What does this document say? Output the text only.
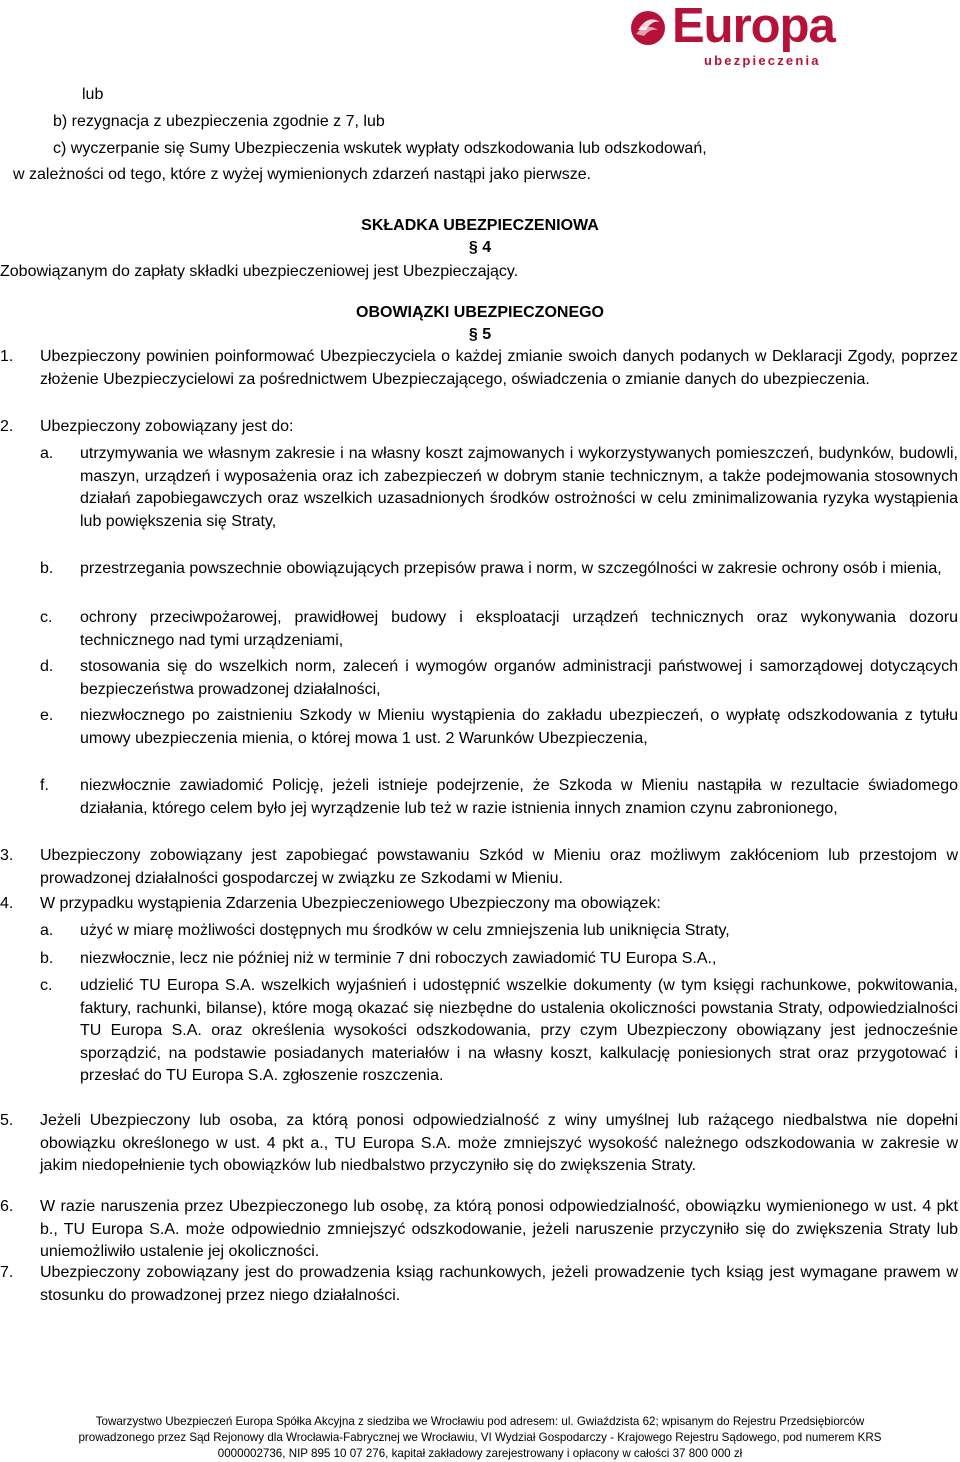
Europa
ubezpieczenia
lub
b) rezygnacja z ubezpieczenia zgodnie z 7, lub
c) wyczerpanie się Sumy Ubezpieczenia wskutek wypłaty odszkodowania lub odszkodowań,
w zależności od tego, które z wyżej wymienionych zdarzeń nastąpi jako pierwsze.
SKŁADKA UBEZPIECZENIOWA
§ 4
Zobowiązanym do zapłaty składki ubezpieczeniowej jest Ubezpieczający.
OBOWIĄZKI UBEZPIECZONEGO
§ 5
1. Ubezpieczony powinien poinformować Ubezpieczyciela o każdej zmianie swoich danych podanych w Deklaracji Zgody, poprzez złożenie Ubezpieczycielowi za pośrednictwem Ubezpieczającego, oświadczenia o zmianie danych do ubezpieczenia.
2. Ubezpieczony zobowiązany jest do:
a. utrzymywania we własnym zakresie i na własny koszt zajmowanych i wykorzystywanych pomieszczeń, budynków, budowli, maszyn, urządzeń i wyposażenia oraz ich zabezpieczeń w dobrym stanie technicznym, a także podejmowania stosownych działań zapobiegawczych oraz wszelkich uzasadnionych środków ostrożności w celu zminimalizowania ryzyka wystąpienia lub powiększenia się Straty,
b. przestrzegania powszechnie obowiązujących przepisów prawa i norm, w szczególności w zakresie ochrony osób i mienia,
c. ochrony przeciwpożarowej, prawidłowej budowy i eksploatacji urządzeń technicznych oraz wykonywania dozoru technicznego nad tymi urządzeniami,
d. stosowania się do wszelkich norm, zaleceń i wymogów organów administracji państwowej i samorządowej dotyczących bezpieczeństwa prowadzonej działalności,
e. niezwłocznego po zaistnieniu Szkody w Mieniu wystąpienia do zakładu ubezpieczeń, o wypłatę odszkodowania z tytułu umowy ubezpieczenia mienia, o której mowa 1 ust. 2 Warunków Ubezpieczenia,
f. niezwłocznie zawiadomić Policję, jeżeli istnieje podejrzenie, że Szkoda w Mieniu nastąpiła w rezultacie świadomego działania, którego celem było jej wyrządzenie lub też w razie istnienia innych znamion czynu zabronionego,
3. Ubezpieczony zobowiązany jest zapobiegać powstawaniu Szkód w Mieniu oraz możliwym zakłóceniom lub przestojom w prowadzonej działalności gospodarczej w związku ze Szkodami w Mieniu.
4. W przypadku wystąpienia Zdarzenia Ubezpieczeniowego Ubezpieczony ma obowiązek:
a. użyć w miarę możliwości dostępnych mu środków w celu zmniejszenia lub uniknięcia Straty,
b. niezwłocznie, lecz nie później niż w terminie 7 dni roboczych zawiadomić TU Europa S.A.,
c. udzielić TU Europa S.A. wszelkich wyjaśnień i udostępnić wszelkie dokumenty (w tym księgi rachunkowe, pokwitowania, faktury, rachunki, bilanse), które mogą okazać się niezbędne do ustalenia okoliczności powstania Straty, odpowiedzialności TU Europa S.A. oraz określenia wysokości odszkodowania, przy czym Ubezpieczony obowiązany jest jednocześnie sporządzić, na podstawie posiadanych materiałów i na własny koszt, kalkulację poniesionych strat oraz przygotować i przesłać do TU Europa S.A. zgłoszenie roszczenia.
5. Jeżeli Ubezpieczony lub osoba, za którą ponosi odpowiedzialność z winy umyślnej lub rażącego niedbalstwa nie dopełni obowiązku określonego w ust. 4 pkt a., TU Europa S.A. może zmniejszyć wysokość należnego odszkodowania w zakresie w jakim niedopełnienie tych obowiązków lub niedbalstwo przyczyniło się do zwiększenia Straty.
6. W razie naruszenia przez Ubezpieczonego lub osobę, za którą ponosi odpowiedzialność, obowiązku wymienionego w ust. 4 pkt b., TU Europa S.A. może odpowiednio zmniejszyć odszkodowanie, jeżeli naruszenie przyczyniło się do zwiększenia Straty lub uniemożliwiło ustalenie jej okoliczności.
7. Ubezpieczony zobowiązany jest do prowadzenia ksiąg rachunkowych, jeżeli prowadzenie tych ksiąg jest wymagane prawem w stosunku do prowadzonej przez niego działalności.
Towarzystwo Ubezpieczeń Europa Spółka Akcyjna z siedziba we Wrocławiu pod adresem: ul. Gwiaździsta 62; wpisanym do Rejestru Przedsiębiorców
prowadzonego przez Sąd Rejonowy dla Wrocławia-Fabrycznej we Wrocławiu, VI Wydział Gospodarczy - Krajowego Rejestru Sądowego, pod numerem KRS
0000002736, NIP 895 10 07 276, kapitał zakładowy zarejestrowany i opłacony w całości 37 800 000 zł
